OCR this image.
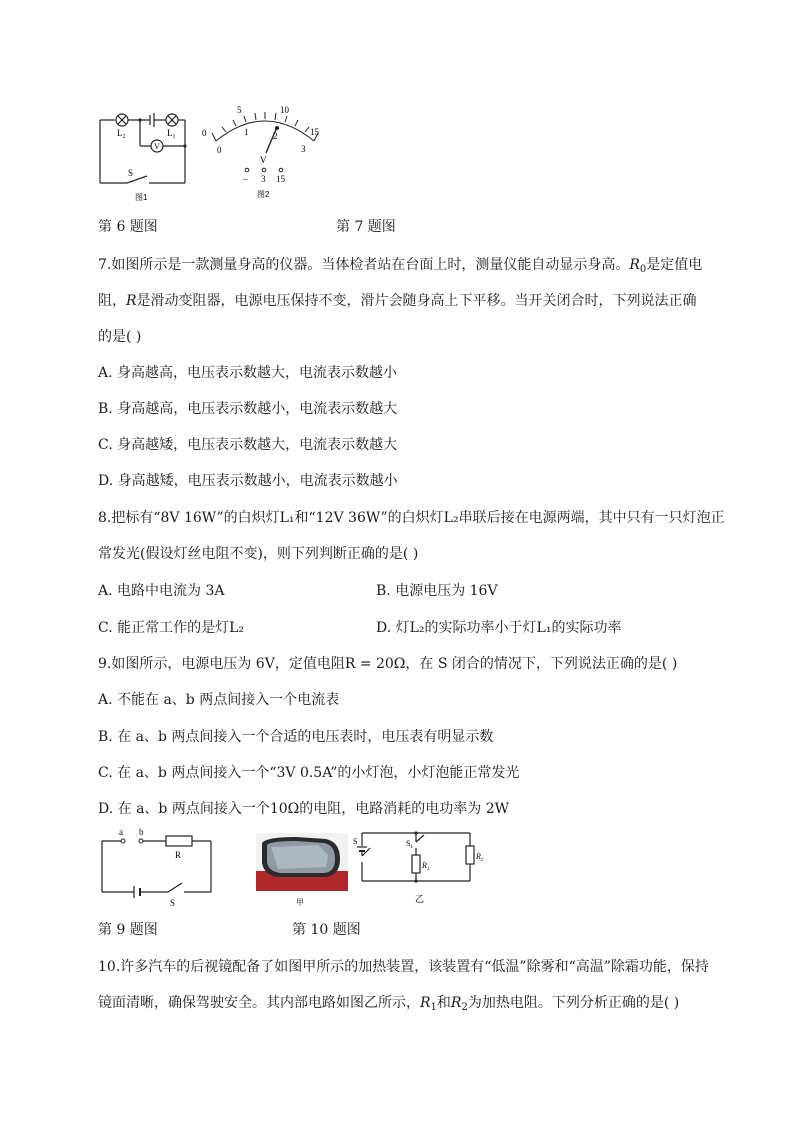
V
$L_2$	$L_1$
S
图1
5	10
15
0
0
1	2
3
V
– 3 15
图2
第 6 题图	第 7 题图
7.如图所示是一款测量身高的仪器。当体检者站在台面上时，测量仪能自动显示身高。$R_0$是定值电
阻，R是滑动变阻器，电源电压保持不变，滑片会随身高上下平移。当开关闭合时，下列说法正确
的是( )
A. 身高越高，电压表示数越大，电流表示数越小
B. 身高越高，电压表示数越小，电流表示数越大
C. 身高越矮，电压表示数越大，电流表示数越大
D. 身高越矮，电压表示数越小，电流表示数越小
8.把标有“8V 16W”的白炽灯L₁和“12V 36W”的白炽灯L₂串联后接在电源两端，其中只有一只灯泡正
常发光(假设灯丝电阻不变)，则下列判断正确的是( )
A. 电路中电流为 3A	B. 电源电压为 16V
C. 能正常工作的是灯L₂	D. 灯L₂的实际功率小于灯L₁的实际功率
9.如图所示，电源电压为 6V，定值电阻R = 20Ω，在 S 闭合的情况下，下列说法正确的是( )
A. 不能在 a、b 两点间接入一个电流表
B. 在 a、b 两点间接入一个合适的电压表时，电压表有明显示数
C. 在 a、b 两点间接入一个“3V 0.5A”的小灯泡，小灯泡能正常发光
D. 在 a、b 两点间接入一个10Ω的电阻，电路消耗的电功率为 2W
a b
R
S	甲
S	$S_1$
$R_1$
$R_2$
乙
第 9 题图	第 10 题图
10.许多汽车的后视镜配备了如图甲所示的加热装置，该装置有“低温”除雾和“高温”除霜功能，保持
镜面清晰，确保驾驶安全。其内部电路如图乙所示，$R_1$和$R_2$为加热电阻。下列分析正确的是( )
